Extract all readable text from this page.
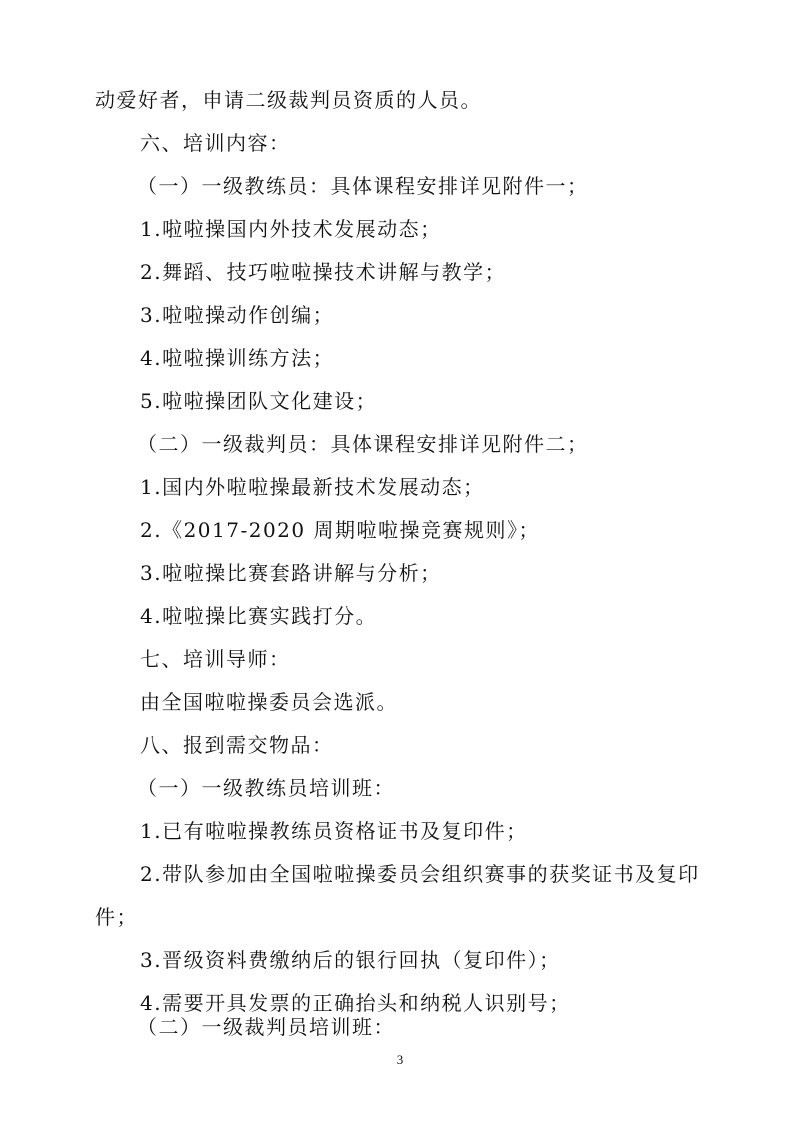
动爱好者，申请二级裁判员资质的人员。
六、培训内容：
（一）一级教练员：具体课程安排详见附件一；
1.啦啦操国内外技术发展动态；
2.舞蹈、技巧啦啦操技术讲解与教学；
3.啦啦操动作创编；
4.啦啦操训练方法；
5.啦啦操团队文化建设；
（二）一级裁判员：具体课程安排详见附件二；
1.国内外啦啦操最新技术发展动态；
2.《2017-2020 周期啦啦操竞赛规则》；
3.啦啦操比赛套路讲解与分析；
4.啦啦操比赛实践打分。
七、培训导师：
由全国啦啦操委员会选派。
八、报到需交物品：
（一）一级教练员培训班：
1.已有啦啦操教练员资格证书及复印件；
2.带队参加由全国啦啦操委员会组织赛事的获奖证书及复印
件；
3.晋级资料费缴纳后的银行回执（复印件）；
4.需要开具发票的正确抬头和纳税人识别号；
3
（二）一级裁判员培训班：
